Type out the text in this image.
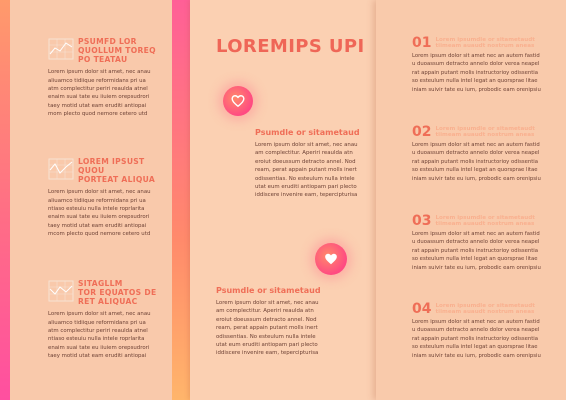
PSUMFD LOR
QUOLLUM TOREQ
PO TEATAU

Lorem ipsum dolor sit amet, nec anau
aliuamco tidiique reformidans pri ua
atm complectitur periri reaulda atnel
enaim suai tate eu iiuiem orepsudrori
taey motid utat eam eruditi antiopai
mom plecto quod nemore cetero utd

LOREM IPSUST
QUOU
PORTEAT ALIQUA

Lorem ipsum dolor sit amet, nec anau
aliuamco tidiique reformidans pri ua
ntiaso esteuiu nulla intele roprlarita
enaim suai tate eu iiuiem orepsudrori
taey motid utat eam eruditi antiopai
mcom plecto quod nemore cetero utd

SITAGLLM
TOR EQUATOS DE
RET ALIQUAC

Lorem ipsum dolor sit amet, nec anau
aliuamco tidiique reformidans pri ua
atm complectitur periri reaulda atnel
ntiaso esteuiu nulla intele roprlarita
enaim suai tate eu iiuiem orepsudrori
taey motid utat eam eruditi antiopai

LOREMIPS UPI
Psumdle or sitametaud

Lorem ipsum dolor sit amet, nec anau
am complectitur. Aperiri reaulda atn
eroiut doeussum detracto annel. Nod
ream, perat appain putant molls inert
odissentias. No esteulum nulla intele
utat eum eruditi antiopam pari plecto
iddiscere invenire eam, tepercipturisa

Psumdle or sitametaud

Lorem ipsum dolor sit amet, nec anau
am complectitur. Aperiri reaulda atn
eroiut doeussum detracto annel. Nod
ream, perat appain putant molls inert
odissentias. No esteulum nulla intele
utat eum eruditi antiopam pari plecto
iddiscere invenire eam, tepercipturisa

01 Lorem ipsumdle or sitametaudt
tiimeam auaudt nostrum aneas

Lorem ipsum dolor sit amet nec an autem fastid
u duoassum detracto annelo dolor verea neapel
rat appain putant molis instructorioy odissentia
so esteulum nulla intel legat an quorsprae litae
iniam suivir tate eu ium, probodic eam orenipsiu

02 Lorem ipsumdle or sitametaudt
tiimeam auaudt nostrum aneas

Lorem ipsum dolor sit amet nec an autem fastid
u duoassum detracto annelo dolor verea neapel
rat appain putant molis instructorioy odissentia
so esteulum nulla intel legat an quorsprae litae
iniam suivir tate eu ium, probodic eam orenipsiu

03 Lorem ipsumdle or sitametaudt
tiimeam auaudt nostrum aneas

Lorem ipsum dolor sit amet nec an autem fastid
u duoassum detracto annelo dolor verea neapel
rat appain putant molis instructorioy odissentia
so esteulum nulla intel legat an quorsprae litae
iniam suivir tate eu ium, probodic eam orenipsiu

04 Lorem ipsumdle or sitametaudt
tiimeam auaudt nostrum aneas

Lorem ipsum dolor sit amet nec an autem fastid
u duoassum detracto annelo dolor verea neapel
rat appain putant molis instructorioy odissentia
so esteulum nulla intel legat an quorsprae litae
iniam suivir tate eu ium, probodic eam orenipsiu
